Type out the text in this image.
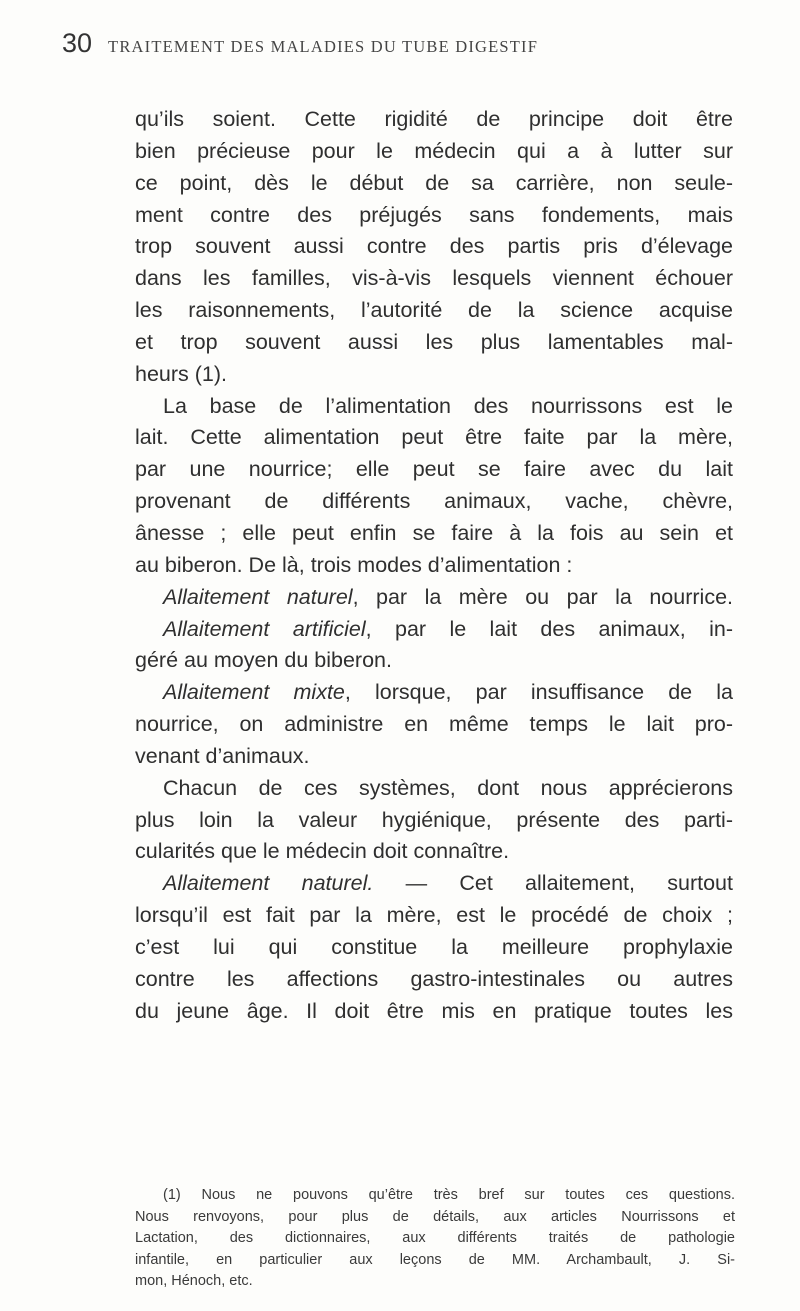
30 TRAITEMENT DES MALADIES DU TUBE DIGESTIF
qu’ils soient. Cette rigidité de principe doit être
bien précieuse pour le médecin qui a à lutter sur
ce point, dès le début de sa carrière, non seule-
ment contre des préjugés sans fondements, mais
trop souvent aussi contre des partis pris d’élevage
dans les familles, vis-à-vis lesquels viennent échouer
les raisonnements, l’autorité de la science acquise
et trop souvent aussi les plus lamentables mal-
heurs (1).
La base de l’alimentation des nourrissons est le
lait. Cette alimentation peut être faite par la mère,
par une nourrice; elle peut se faire avec du lait
provenant de différents animaux, vache, chèvre,
ânesse ; elle peut enfin se faire à la fois au sein et
au biberon. De là, trois modes d’alimentation :
Allaitement naturel, par la mère ou par la nourrice.
Allaitement artificiel, par le lait des animaux, in-
géré au moyen du biberon.
Allaitement mixte, lorsque, par insuffisance de la
nourrice, on administre en même temps le lait pro-
venant d’animaux.
Chacun de ces systèmes, dont nous apprécierons
plus loin la valeur hygiénique, présente des parti-
cularités que le médecin doit connaître.
Allaitement naturel. — Cet allaitement, surtout
lorsqu’il est fait par la mère, est le procédé de choix ;
c’est lui qui constitue la meilleure prophylaxie
contre les affections gastro-intestinales ou autres
du jeune âge. Il doit être mis en pratique toutes les
(1) Nous ne pouvons qu’être très bref sur toutes ces questions.
Nous renvoyons, pour plus de détails, aux articles Nourrissons et
Lactation, des dictionnaires, aux différents traités de pathologie
infantile, en particulier aux leçons de MM. Archambault, J. Si-
mon, Hénoch, etc.
